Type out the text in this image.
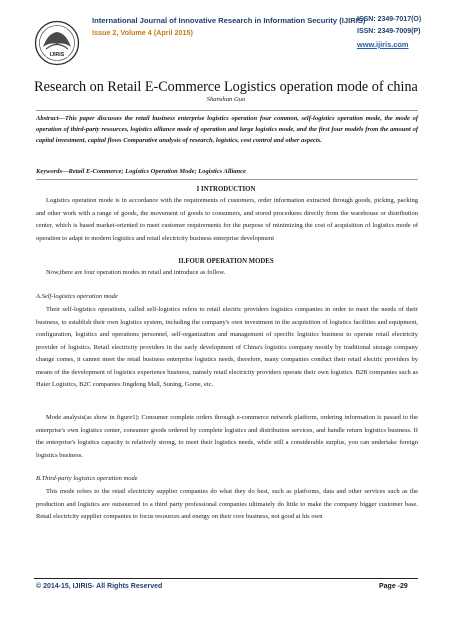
IJIRIS
International Journal of Innovative Research in Information Security (IJIRIS)
Issue 2, Volume 4 (April 2015)
ISSN: 2349-7017(O)
ISSN: 2349-7009(P)
www.ijiris.com
Research on Retail E-Commerce Logistics operation mode of china
Shanshan Guo
Abstract—This paper discusses the retail business enterprise logistics operation four common, self-logistics operation mode, the mode of operation of third-party resources, logistics alliance mode of operation and large logistics mode, and the first four models from the amount of capital investment, capital flows Comparative analysis of research, logistics, cost control and other aspects.
Keywords—Retail E-Commerce; Logistics Operation Mode; Logistics Alliance
I INTRODUCTION
Logistics operation mode is in accordance with the requirements of customers, order information extracted through goods, picking, packing and other work with a range of goods, the movement of goods to consumers, and stored procedures directly from the warehouse or distribution center, which is based market-oriented to meet customer requirements for the purpose of minimizing the cost of acquisition of logistics mode of operation to adapt to modern logistics and retail electricity business enterprise development
II.FOUR OPERATION MODES
Now,there are four operation modes in retail and introduce as follow.
A.Self-logistics operation mode
Their self-logistics operations, called self-logistics refers to retail electric providers logistics companies in order to meet the needs of their business, to establish their own logistics system, including the company's own investment in the acquisition of logistics facilities and equipment, configuration, logistics and operations personnel, self-organization and management of specific logistics business to operate retail electricity provider of logistics. Retail electricity providers in the early development of China's logistics company mostly by traditional storage company change comes, it cannot meet the retail business enterprise logistics needs, therefore, many companies conduct their retail electric providers by means of the development of logistics experience business, namely retail electricity providers operate their own logistics. B2B companies such as Haier Logistics, B2C companies Jingdong Mall, Suning, Gome, etc.
Mode analysis(as show in figure1): Consumer complete orders through e-commerce network platform, ordering information is passed to the enterprise's own logistics center, consumer goods ordered by complete logistics and distribution services, and handle return logistics business. If the enterprise's logistics capacity is relatively strong, to meet their logistics needs, while still a considerable surplus, you can undertake foreign logistics business.
B.Third-party logistics operation mode
This mode refers to the retail electricity supplier companies do what they do best, such as platforms, data and other services such as the production and logistics are outsourced to a third party professional companies ultimately do little to make the company bigger customer base. Retail electricity supplier companies to focus resources and energy on their core business, not good at his own
© 2014-15, IJIRIS- All Rights Reserved	Page -29
